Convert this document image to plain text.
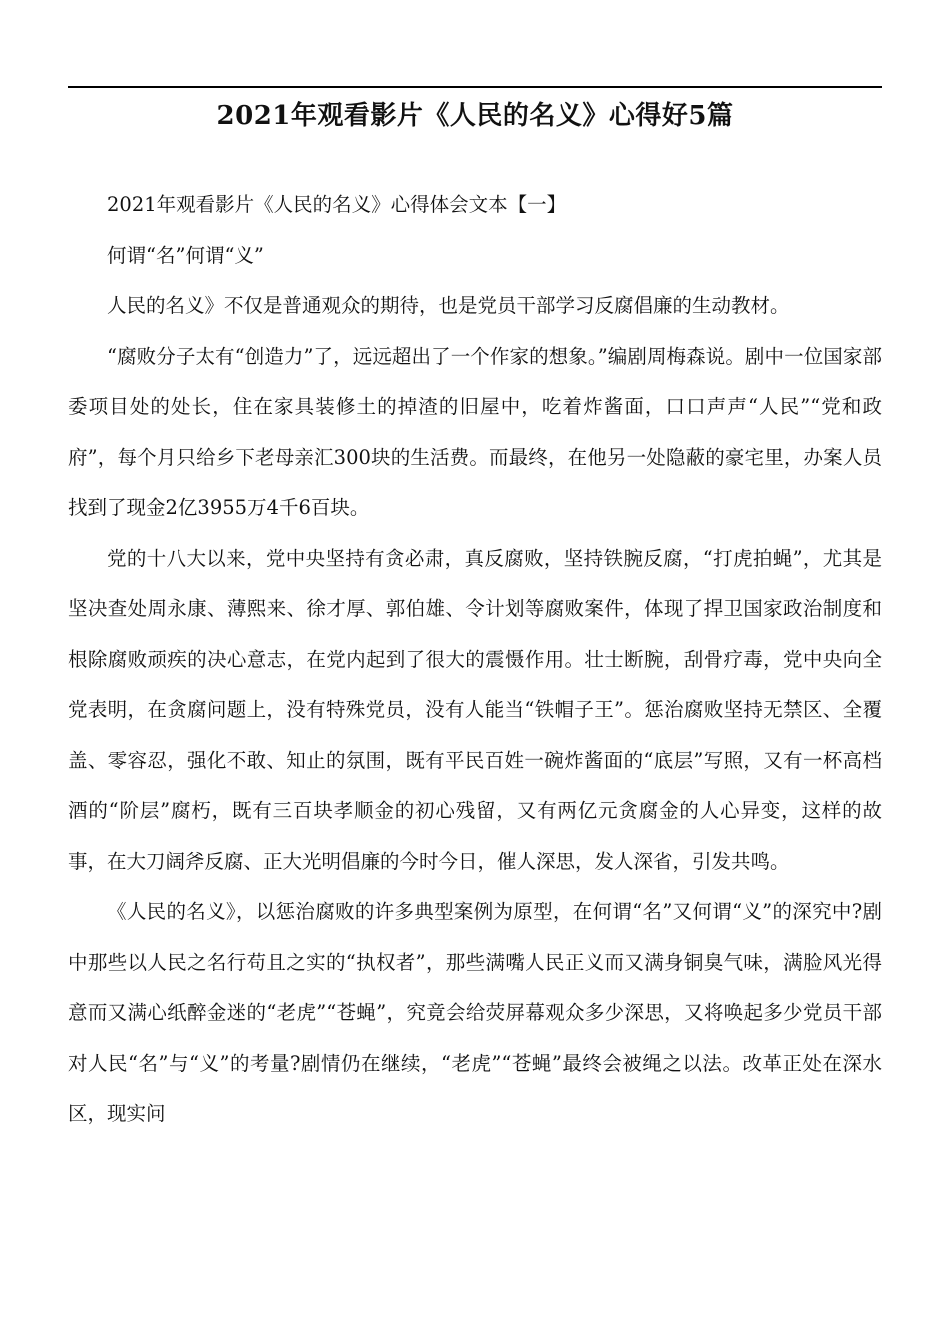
2021年观看影片《人民的名义》心得好5篇

2021年观看影片《人民的名义》心得体会文本【一】

何谓“名”何谓“义”

人民的名义》不仅是普通观众的期待，也是党员干部学习反腐倡廉的生动教材。

“腐败分子太有“创造力”了，远远超出了一个作家的想象。”编剧周梅森说。剧中一位国家部委项目处的处长，住在家具装修土的掉渣的旧屋中，吃着炸酱面，口口声声“人民”“党和政府”，每个月只给乡下老母亲汇300块的生活费。而最终，在他另一处隐蔽的豪宅里，办案人员找到了现金2亿3955万4千6百块。

党的十八大以来，党中央坚持有贪必肃，真反腐败，坚持铁腕反腐，“打虎拍蝇”，尤其是坚决查处周永康、薄熙来、徐才厚、郭伯雄、令计划等腐败案件，体现了捍卫国家政治制度和根除腐败顽疾的决心意志，在党内起到了很大的震慑作用。壮士断腕，刮骨疗毒，党中央向全党表明，在贪腐问题上，没有特殊党员，没有人能当“铁帽子王”。惩治腐败坚持无禁区、全覆盖、零容忍，强化不敢、知止的氛围，既有平民百姓一碗炸酱面的“底层”写照，又有一杯高档酒的“阶层”腐朽，既有三百块孝顺金的初心残留，又有两亿元贪腐金的人心异变，这样的故事，在大刀阔斧反腐、正大光明倡廉的今时今日，催人深思，发人深省，引发共鸣。

《人民的名义》，以惩治腐败的许多典型案例为原型，在何谓“名”又何谓“义”的深究中?剧中那些以人民之名行苟且之实的“执权者”，那些满嘴人民正义而又满身铜臭气味，满脸风光得意而又满心纸醉金迷的“老虎”“苍蝇”，究竟会给荧屏幕观众多少深思，又将唤起多少党员干部对人民“名”与“义”的考量?剧情仍在继续，“老虎”“苍蝇”最终会被绳之以法。改革正处在深水区，现实问
